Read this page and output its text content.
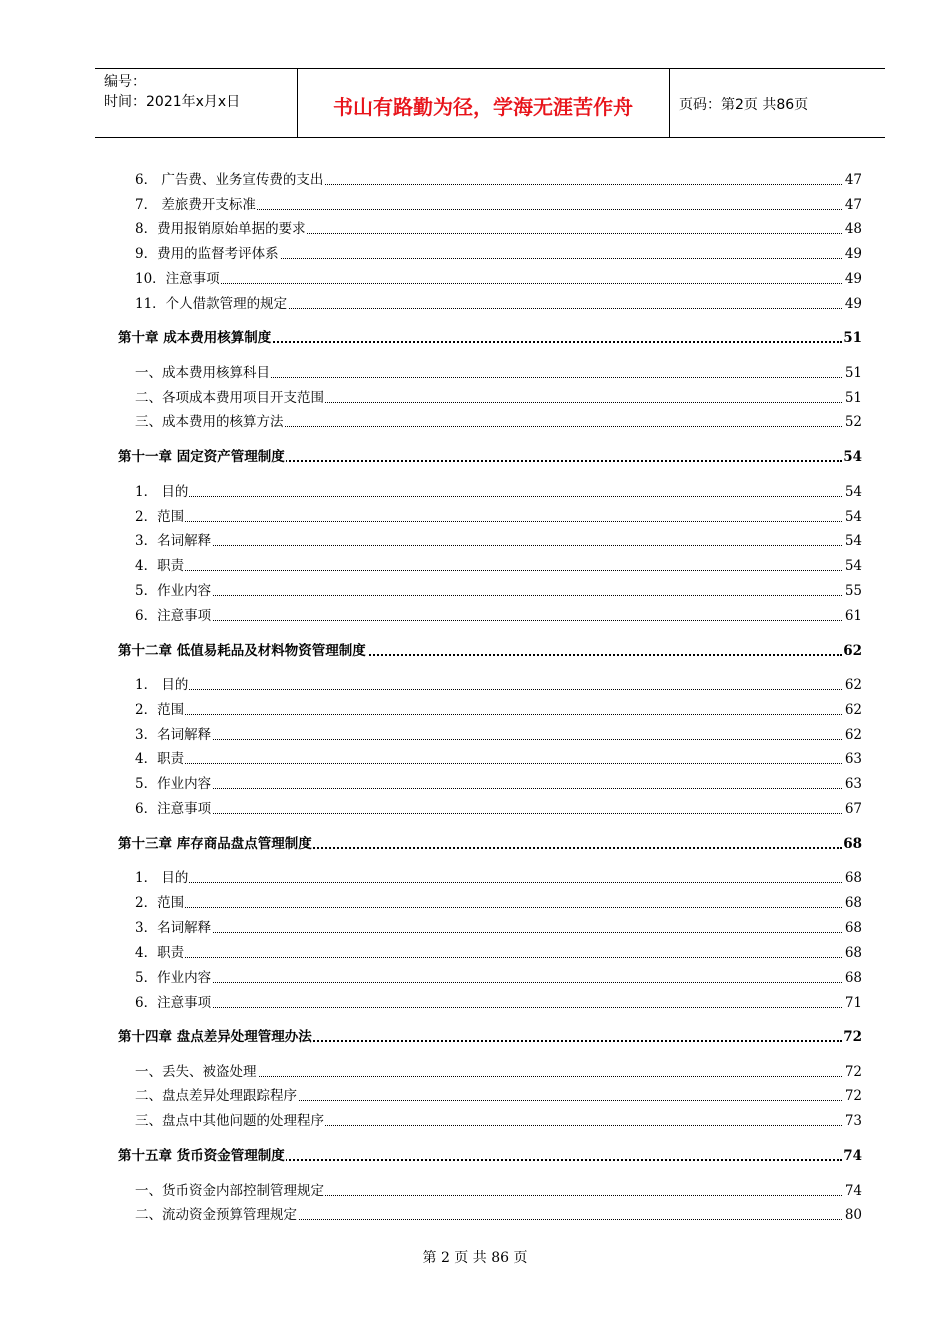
编号：
时间：2021年x月x日	书山有路勤为径，学海无涯苦作舟	页码：第2页 共86页
6． 广告费、业务宣传费的支出	47
7． 差旅费开支标准	47
8．费用报销原始单据的要求	48
9．费用的监督考评体系	49
10．注意事项	49
11．个人借款管理的规定	49
第十章 成本费用核算制度	51
一、成本费用核算科目	51
二、各项成本费用项目开支范围	51
三、成本费用的核算方法	52
第十一章 固定资产管理制度	54
1． 目的	54
2．范围	54
3．名词解释	54
4．职责	54
5．作业内容	55
6．注意事项	61
第十二章 低值易耗品及材料物资管理制度	62
1． 目的	62
2．范围	62
3．名词解释	62
4．职责	63
5．作业内容	63
6．注意事项	67
第十三章 库存商品盘点管理制度	68
1． 目的	68
2．范围	68
3．名词解释	68
4．职责	68
5．作业内容	68
6．注意事项	71
第十四章 盘点差异处理管理办法	72
一、丢失、被盗处理	72
二、盘点差异处理跟踪程序	72
三、盘点中其他问题的处理程序	73
第十五章 货币资金管理制度	74
一、货币资金内部控制管理规定	74
二、流动资金预算管理规定	80
第 2 页 共 86 页
